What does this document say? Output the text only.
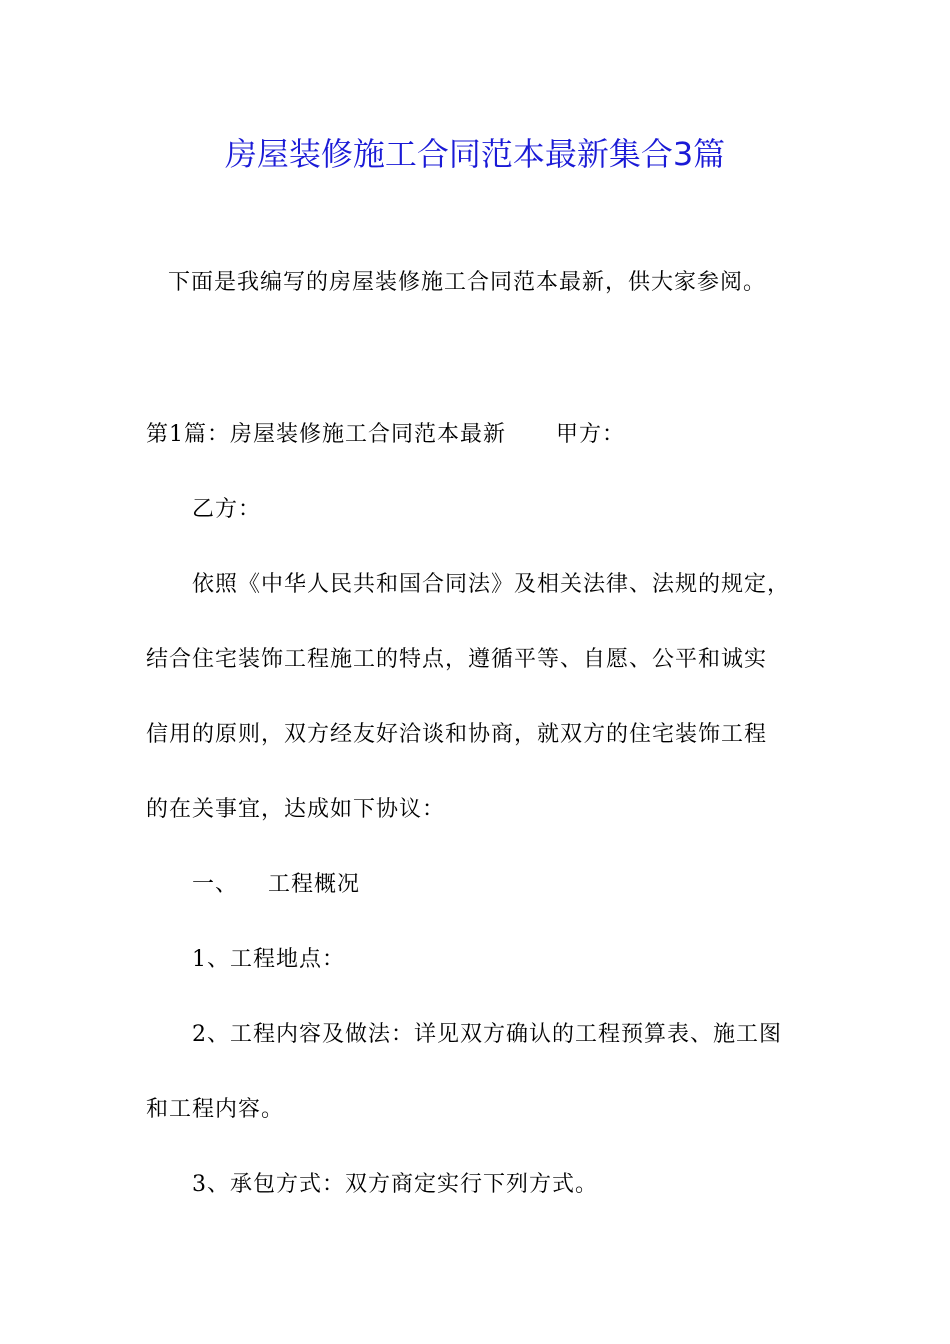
房屋装修施工合同范本最新集合3篇
下面是我编写的房屋装修施工合同范本最新，供大家参阅。
第1篇：房屋装修施工合同范本最新 甲方：
乙方：
依照《中华人民共和国合同法》及相关法律、法规的规定，
结合住宅装饰工程施工的特点，遵循平等、自愿、公平和诚实
信用的原则，双方经友好洽谈和协商，就双方的住宅装饰工程
的在关事宜，达成如下协议：
一、 工程概况
1、工程地点：
2、工程内容及做法：详见双方确认的工程预算表、施工图
和工程内容。
3、承包方式：双方商定实行下列方式。
